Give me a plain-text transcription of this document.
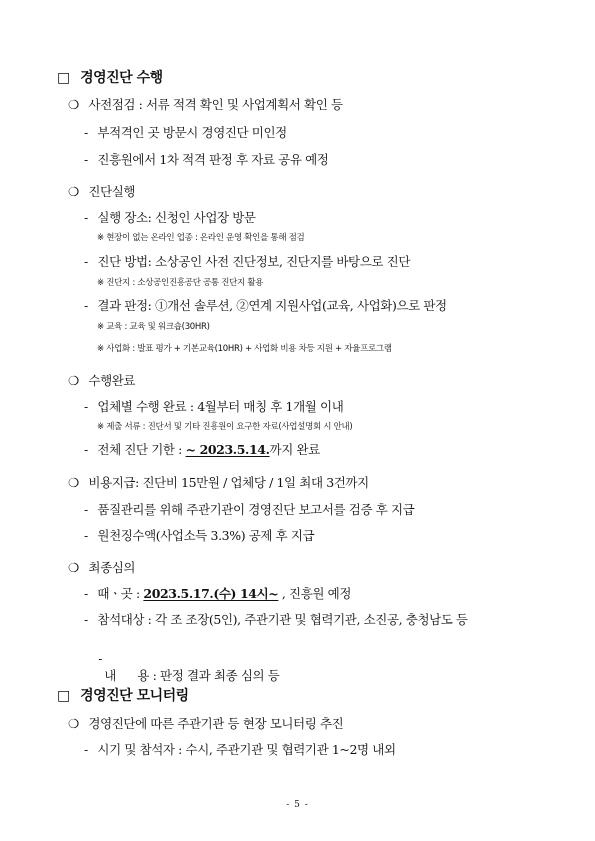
□ 경영진단 수행
❍ 사전점검 : 서류 적격 확인 및 사업계획서 확인 등
- 부적격인 곳 방문시 경영진단 미인정
- 진흥원에서 1차 적격 판정 후 자료 공유 예정
❍ 진단실행
- 실행 장소: 신청인 사업장 방문
※ 현장이 없는 온라인 업종 : 온라인 운영 확인을 통해 점검
- 진단 방법: 소상공인 사전 진단정보, 진단지를 바탕으로 진단
※ 진단지 : 소상공인진흥공단 공통 진단지 활용
- 결과 판정: ①개선 솔루션, ②연계 지원사업(교육, 사업화)으로 판정
※ 교육 : 교육 및 워크숍(30HR)
※ 사업화 : 발표 평가 + 기본교육(10HR) + 사업화 비용 차등 지원 + 자율프로그램
❍ 수행완료
- 업체별 수행 완료 : 4월부터 매칭 후 1개월 이내
※ 제출 서류 : 진단서 및 기타 진흥원이 요구한 자료(사업설명회 시 안내)
- 전체 진단 기한 : ~ 2023.5.14.까지 완료
❍ 비용지급: 진단비 15만원 / 업체당 / 1일 최대 3건까지
- 품질관리를 위해 주관기관이 경영진단 보고서를 검증 후 지급
- 원천징수액(사업소득 3.3%) 공제 후 지급
❍ 최종심의
- 때ㆍ곳 : 2023.5.17.(수) 14시~ , 진흥원 예정
- 참석대상 : 각 조 조장(5인), 주관기관 및 협력기관, 소진공, 충청남도 등

-
내      용 : 판정 결과 최종 심의 등

□ 경영진단 모니터링
❍ 경영진단에 따른 주관기관 등 현장 모니터링 추진
- 시기 및 참석자 : 수시, 주관기관 및 협력기관 1~2명 내외
- 5 -
